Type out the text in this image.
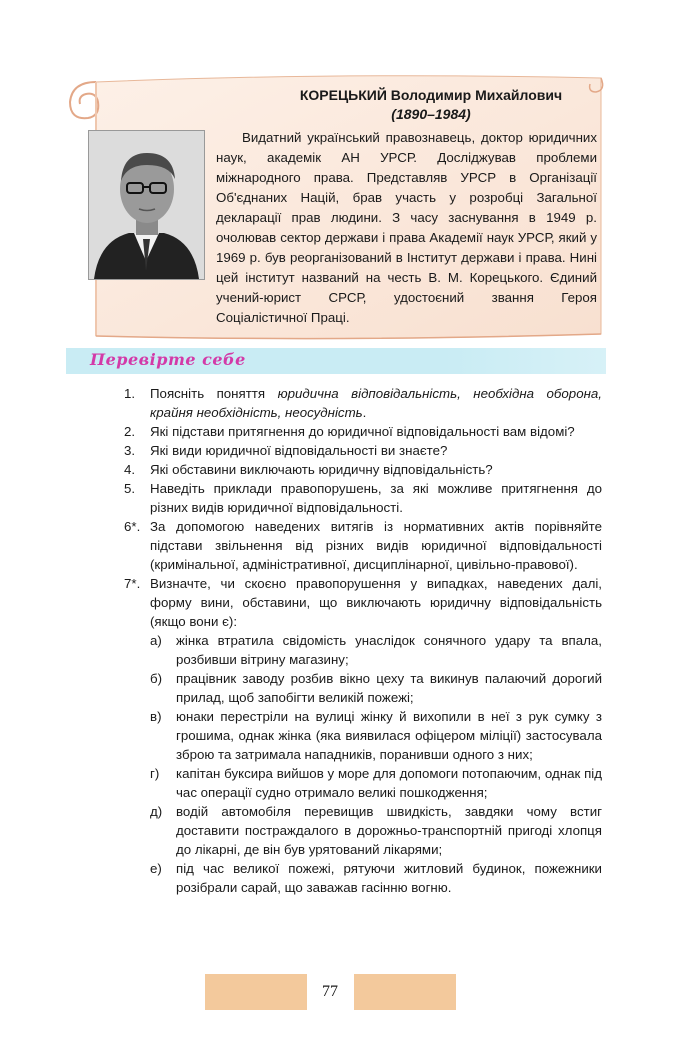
КОРЕЦЬКИЙ Володимир Михайлович
(1890–1984)
Видатний український правознавець, доктор юридичних наук, академік АН УРСР. Досліджував проблеми міжнародного права. Представляв УРСР в Організації Об'єднаних Націй, брав участь у розробці Загальної декларації прав людини. З часу заснування в 1949 р. очолював сектор держави і права Академії наук УРСР, який у 1969 р. був реорганізований в Інститут держави і права. Нині цей інститут названий на честь В. М. Корецького. Єдиний учений-юрист СРСР, удостоєний звання Героя Соціалістичної Праці.
Перевірте себе
1. Поясніть поняття юридична відповідальність, необхідна оборона, крайня необхідність, неосудність.
2. Які підстави притягнення до юридичної відповідальності вам відомі?
3. Які види юридичної відповідальності ви знаєте?
4. Які обставини виключають юридичну відповідальність?
5. Наведіть приклади правопорушень, за які можливе притягнення до різних видів юридичної відповідальності.
6*. За допомогою наведених витягів із нормативних актів порівняйте підстави звільнення від різних видів юридичної відповідальності (кримінальної, адміністративної, дисциплінарної, цивільно-правової).
7*. Визначте, чи скоєно правопорушення у випадках, наведених далі, форму вини, обставини, що виключають юридичну відповідальність (якщо вони є):
а) жінка втратила свідомість унаслідок сонячного удару та впала, розбивши вітрину магазину;
б) працівник заводу розбив вікно цеху та викинув палаючий дорогий прилад, щоб запобігти великій пожежі;
в) юнаки перестріли на вулиці жінку й вихопили в неї з рук сумку з грошима, однак жінка (яка виявилася офіцером міліції) застосувала зброю та затримала нападників, поранивши одного з них;
г) капітан буксира вийшов у море для допомоги потопаючим, однак під час операції судно отримало великі пошкодження;
д) водій автомобіля перевищив швидкість, завдяки чому встиг доставити постраждалого в дорожньо-транспортній пригоді хлопця до лікарні, де він був урятований лікарями;
е) під час великої пожежі, рятуючи житловий будинок, пожежники розібрали сарай, що заважав гасінню вогню.
77
